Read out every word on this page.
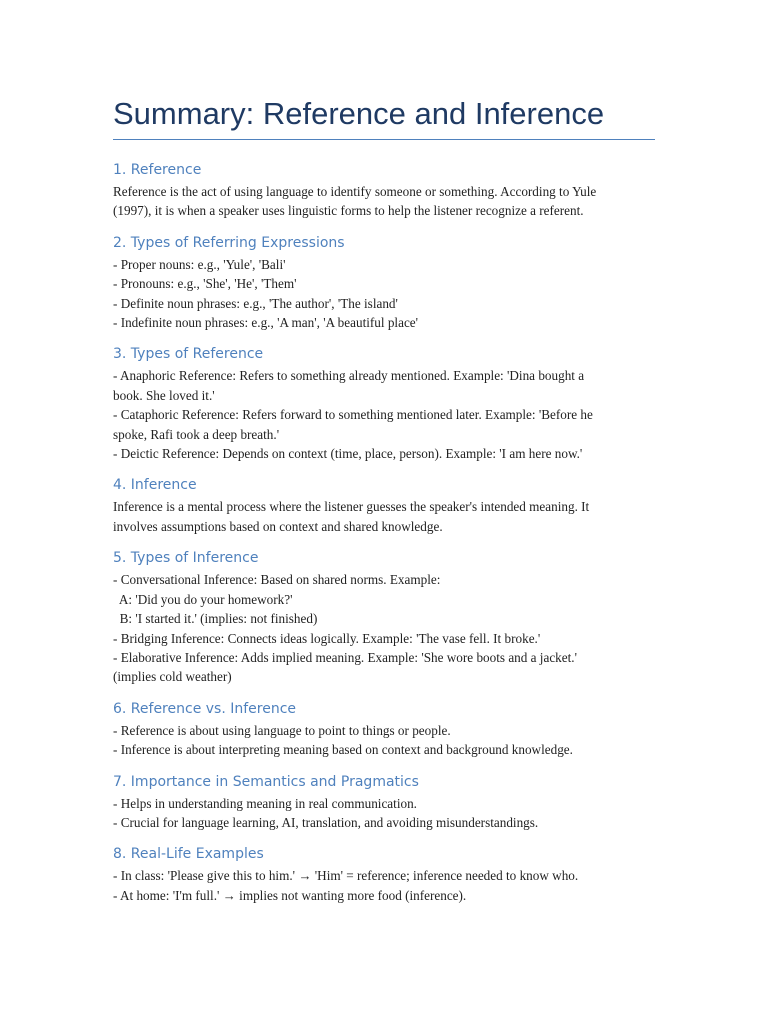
Summary: Reference and Inference
1. Reference
Reference is the act of using language to identify someone or something. According to Yule
(1997), it is when a speaker uses linguistic forms to help the listener recognize a referent.
2. Types of Referring Expressions
- Proper nouns: e.g., 'Yule', 'Bali'
- Pronouns: e.g., 'She', 'He', 'Them'
- Definite noun phrases: e.g., 'The author', 'The island'
- Indefinite noun phrases: e.g., 'A man', 'A beautiful place'
3. Types of Reference
- Anaphoric Reference: Refers to something already mentioned. Example: 'Dina bought a
book. She loved it.'
- Cataphoric Reference: Refers forward to something mentioned later. Example: 'Before he
spoke, Rafi took a deep breath.'
- Deictic Reference: Depends on context (time, place, person). Example: 'I am here now.'
4. Inference
Inference is a mental process where the listener guesses the speaker's intended meaning. It
involves assumptions based on context and shared knowledge.
5. Types of Inference
- Conversational Inference: Based on shared norms. Example:
A: 'Did you do your homework?'
B: 'I started it.' (implies: not finished)
- Bridging Inference: Connects ideas logically. Example: 'The vase fell. It broke.'
- Elaborative Inference: Adds implied meaning. Example: 'She wore boots and a jacket.'
(implies cold weather)
6. Reference vs. Inference
- Reference is about using language to point to things or people.
- Inference is about interpreting meaning based on context and background knowledge.
7. Importance in Semantics and Pragmatics
- Helps in understanding meaning in real communication.
- Crucial for language learning, AI, translation, and avoiding misunderstandings.
8. Real-Life Examples
- In class: 'Please give this to him.' → 'Him' = reference; inference needed to know who.
- At home: 'I'm full.' → implies not wanting more food (inference).
